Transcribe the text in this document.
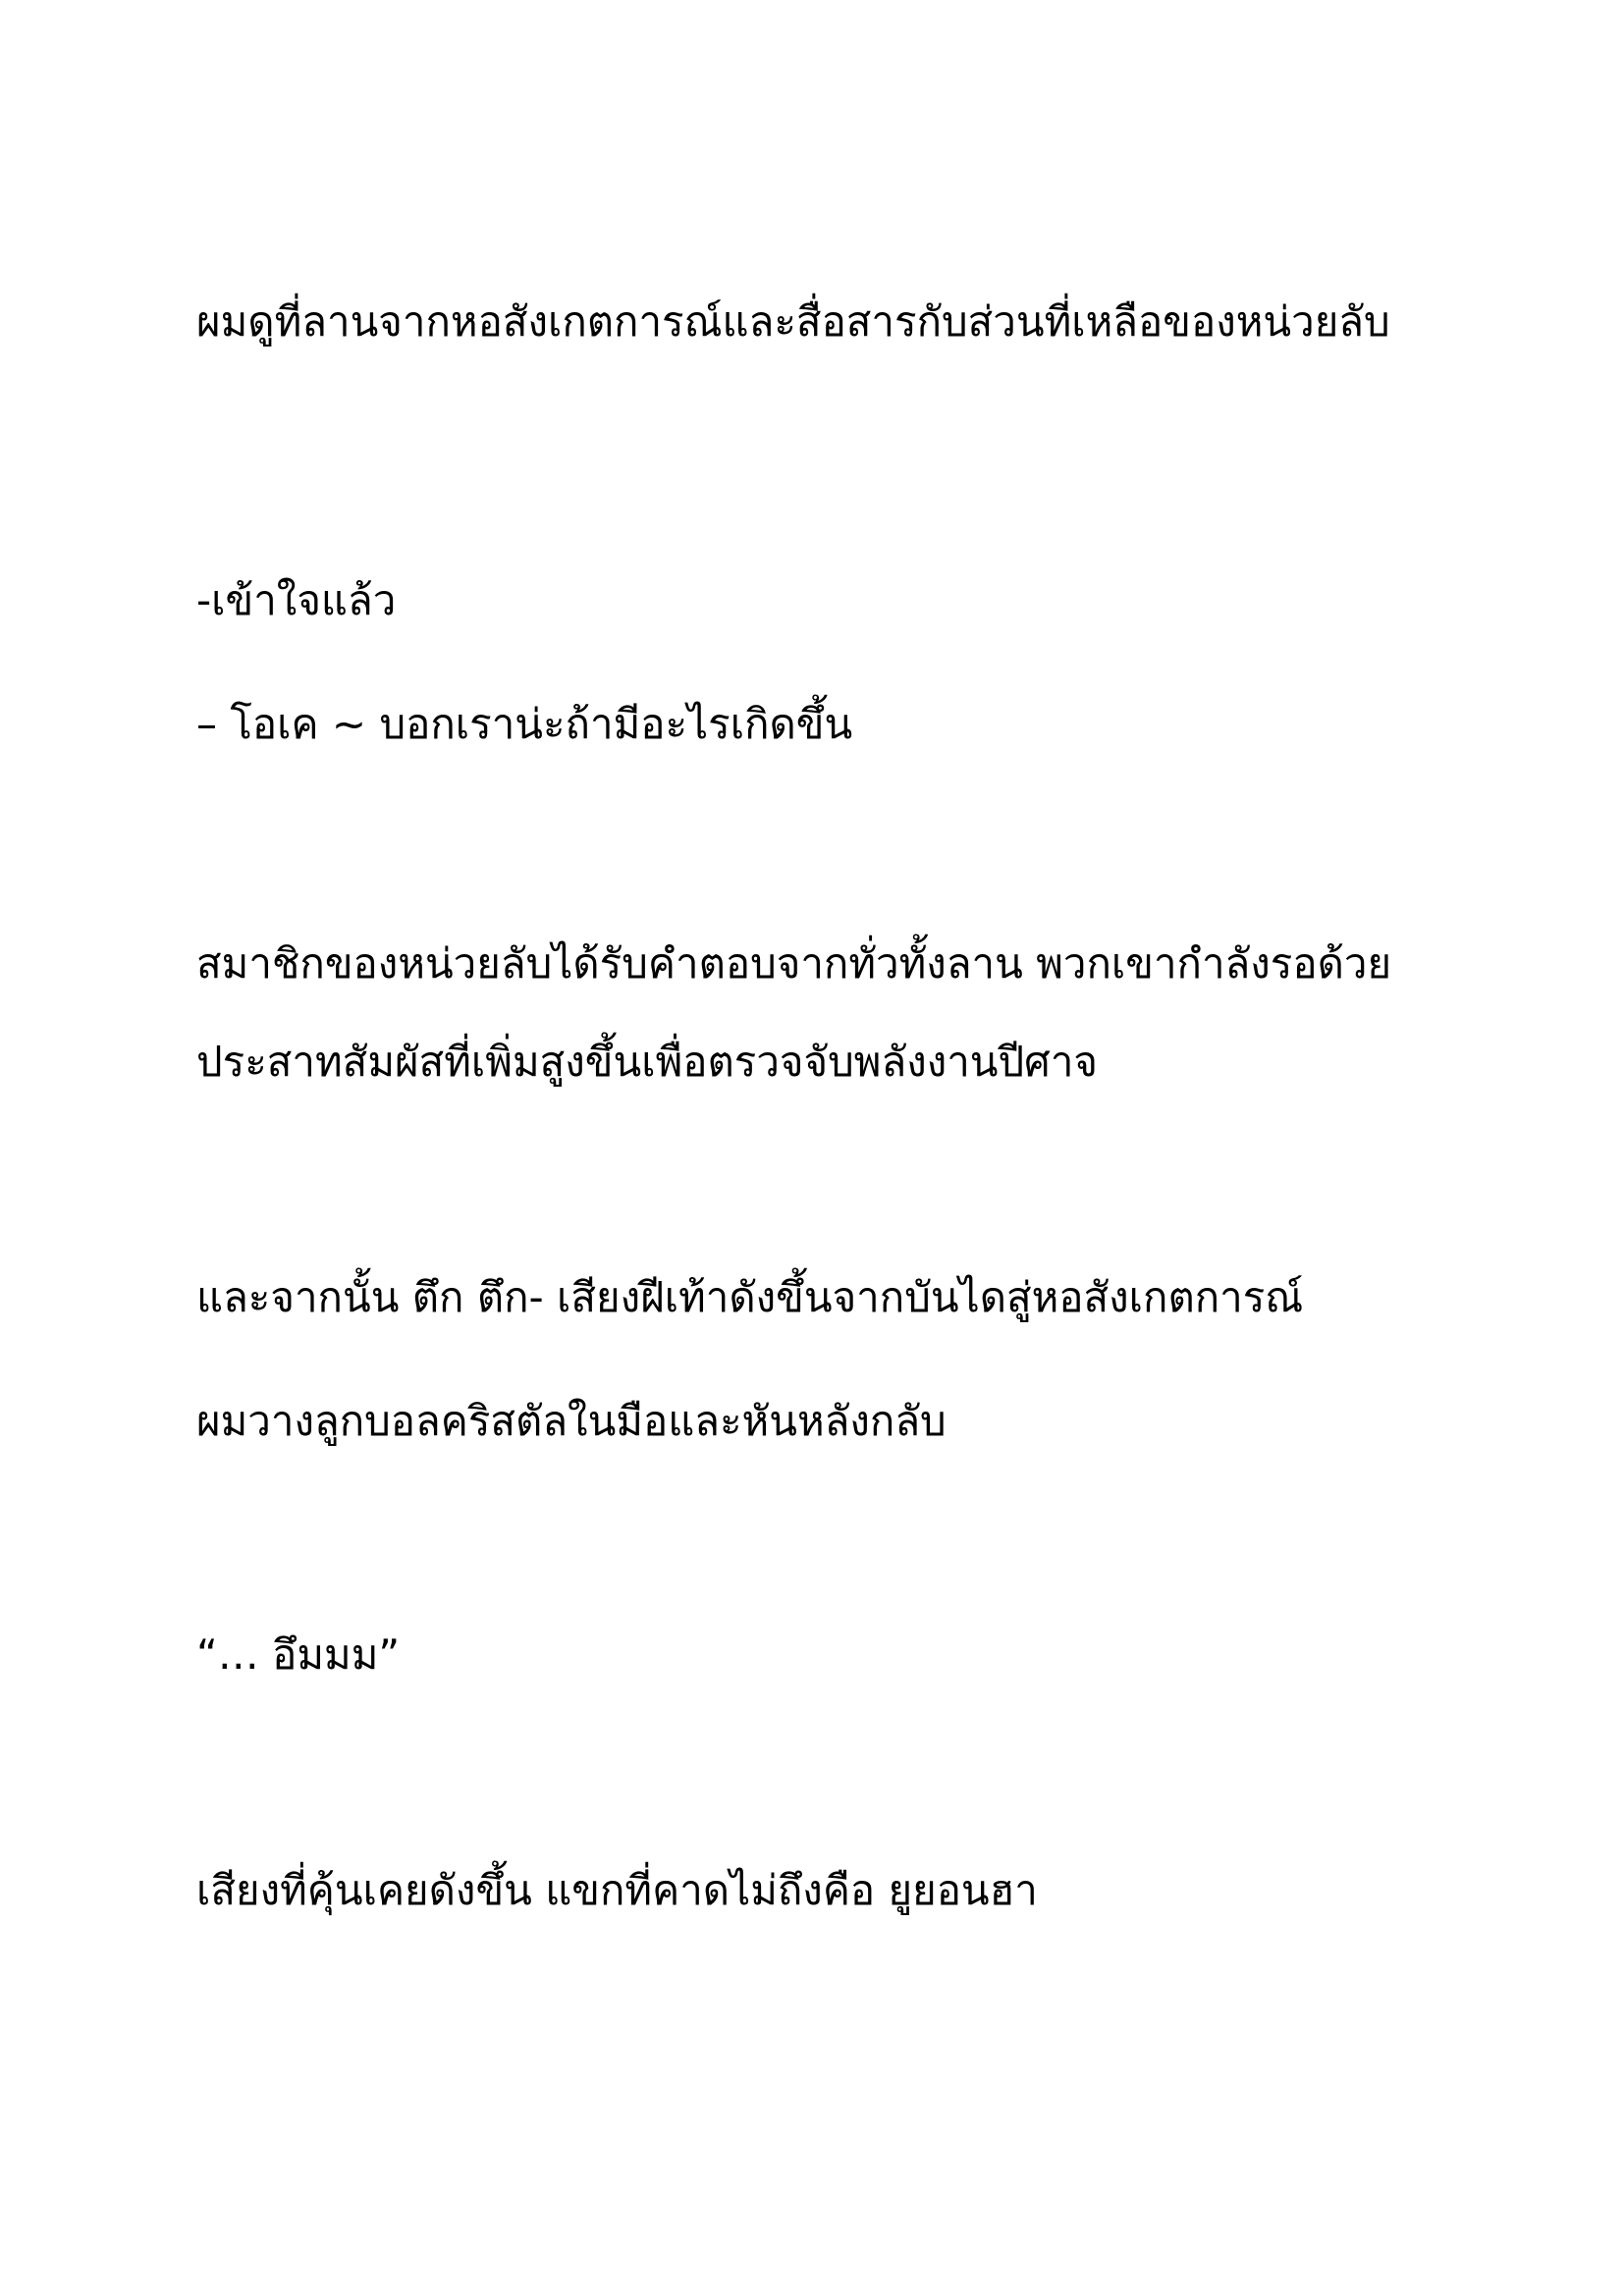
ผมดูที่ลานจากหอสังเกตการณ์และสื่อสารกับส่วนที่เหลือของหน่วยลับ

-เข้าใจแล้ว

– โอเค ~ บอกเราน่ะถ้ามีอะไรเกิดขึ้น

สมาชิกของหน่วยลับได้รับคำตอบจากทั่วทั้งลาน พวกเขากำลังรอด้วย

ประสาทสัมผัสที่เพิ่มสูงขึ้นเพื่อตรวจจับพลังงานปีศาจ

และจากนั้น ตึก ตึก- เสียงฝีเท้าดังขึ้นจากบันไดสู่หอสังเกตการณ์

ผมวางลูกบอลคริสตัลในมือและหันหลังกลับ

“… อึมมม”

เสียงที่คุ้นเคยดังขึ้น แขกที่คาดไม่ถึงคือ ยูยอนฮา
